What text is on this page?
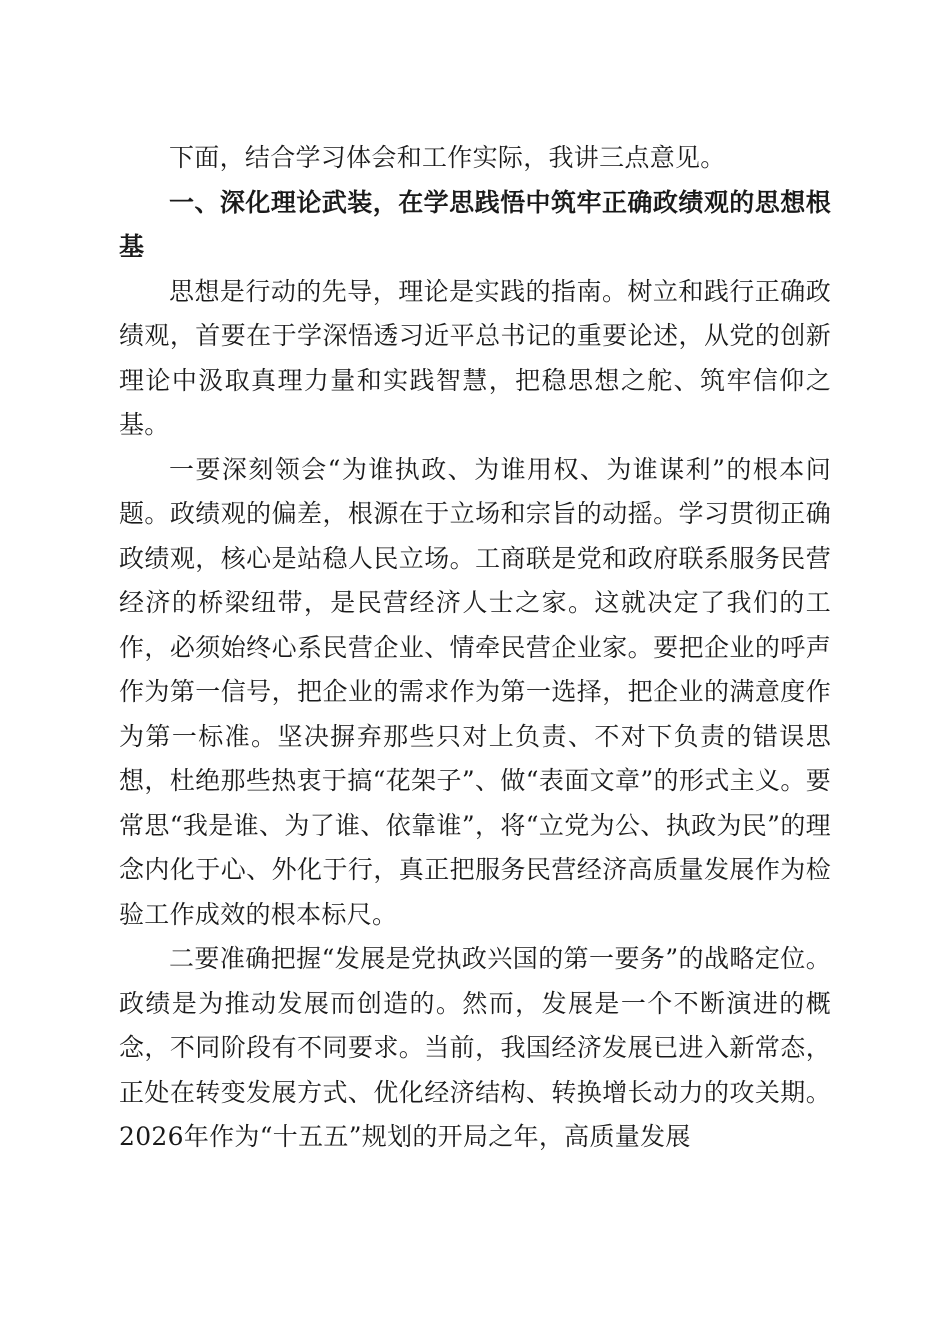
下面，结合学习体会和工作实际，我讲三点意见。

一、深化理论武装，在学思践悟中筑牢正确政绩观的思想根基

思想是行动的先导，理论是实践的指南。树立和践行正确政绩观，首要在于学深悟透习近平总书记的重要论述，从党的创新理论中汲取真理力量和实践智慧，把稳思想之舵、筑牢信仰之基。

一要深刻领会“为谁执政、为谁用权、为谁谋利”的根本问题。政绩观的偏差，根源在于立场和宗旨的动摇。学习贯彻正确政绩观，核心是站稳人民立场。工商联是党和政府联系服务民营经济的桥梁纽带，是民营经济人士之家。这就决定了我们的工作，必须始终心系民营企业、情牵民营企业家。要把企业的呼声作为第一信号，把企业的需求作为第一选择，把企业的满意度作为第一标准。坚决摒弃那些只对上负责、不对下负责的错误思想，杜绝那些热衷于搞“花架子”、做“表面文章”的形式主义。要常思“我是谁、为了谁、依靠谁”，将“立党为公、执政为民”的理念内化于心、外化于行，真正把服务民营经济高质量发展作为检验工作成效的根本标尺。

二要准确把握“发展是党执政兴国的第一要务”的战略定位。政绩是为推动发展而创造的。然而，发展是一个不断演进的概念，不同阶段有不同要求。当前，我国经济发展已进入新常态，正处在转变发展方式、优化经济结构、转换增长动力的攻关期。2026年作为“十五五”规划的开局之年，高质量发展
